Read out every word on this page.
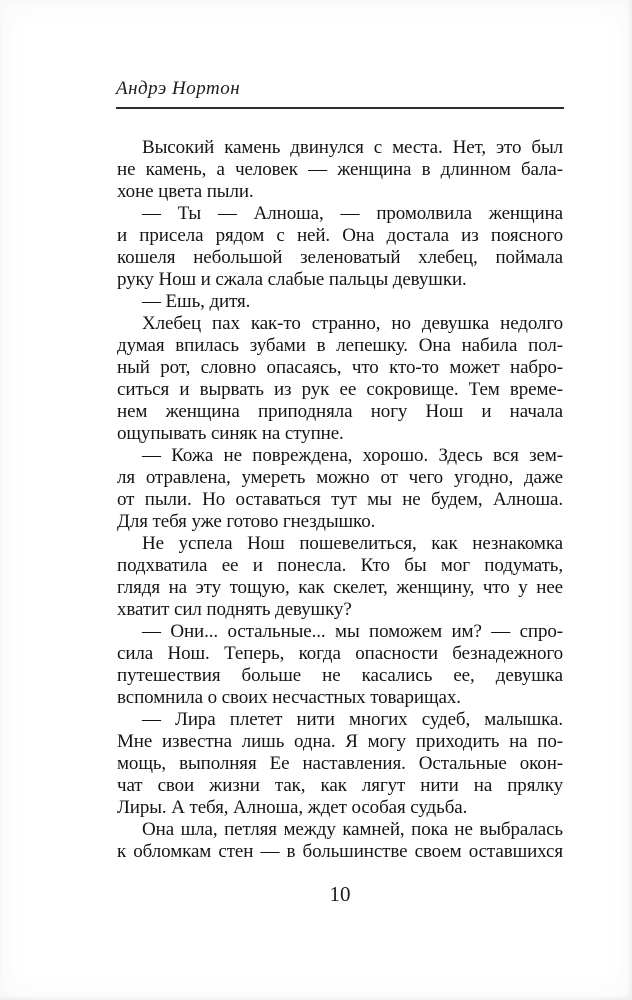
Андрэ Нортон
Высокий камень двинулся с места. Нет, это был
не камень, а человек — женщина в длинном бала-
хоне цвета пыли.
— Ты — Алноша, — промолвила женщина
и присела рядом с ней. Она достала из поясного
кошеля небольшой зеленоватый хлебец, поймала
руку Нош и сжала слабые пальцы девушки.
— Ешь, дитя.
Хлебец пах как-то странно, но девушка недолго
думая впилась зубами в лепешку. Она набила пол-
ный рот, словно опасаясь, что кто-то может набро-
ситься и вырвать из рук ее сокровище. Тем време-
нем женщина приподняла ногу Нош и начала
ощупывать синяк на ступне.
— Кожа не повреждена, хорошо. Здесь вся зем-
ля отравлена, умереть можно от чего угодно, даже
от пыли. Но оставаться тут мы не будем, Алноша.
Для тебя уже готово гнездышко.
Не успела Нош пошевелиться, как незнакомка
подхватила ее и понесла. Кто бы мог подумать,
глядя на эту тощую, как скелет, женщину, что у нее
хватит сил поднять девушку?
— Они... остальные... мы поможем им? — спро-
сила Нош. Теперь, когда опасности безнадежного
путешествия больше не касались ее, девушка
вспомнила о своих несчастных товарищах.
— Лира плетет нити многих судеб, малышка.
Мне известна лишь одна. Я могу приходить на по-
мощь, выполняя Ее наставления. Остальные окон-
чат свои жизни так, как лягут нити на прялку
Лиры. А тебя, Алноша, ждет особая судьба.
Она шла, петляя между камней, пока не выбралась
к обломкам стен — в большинстве своем оставшихся
10
